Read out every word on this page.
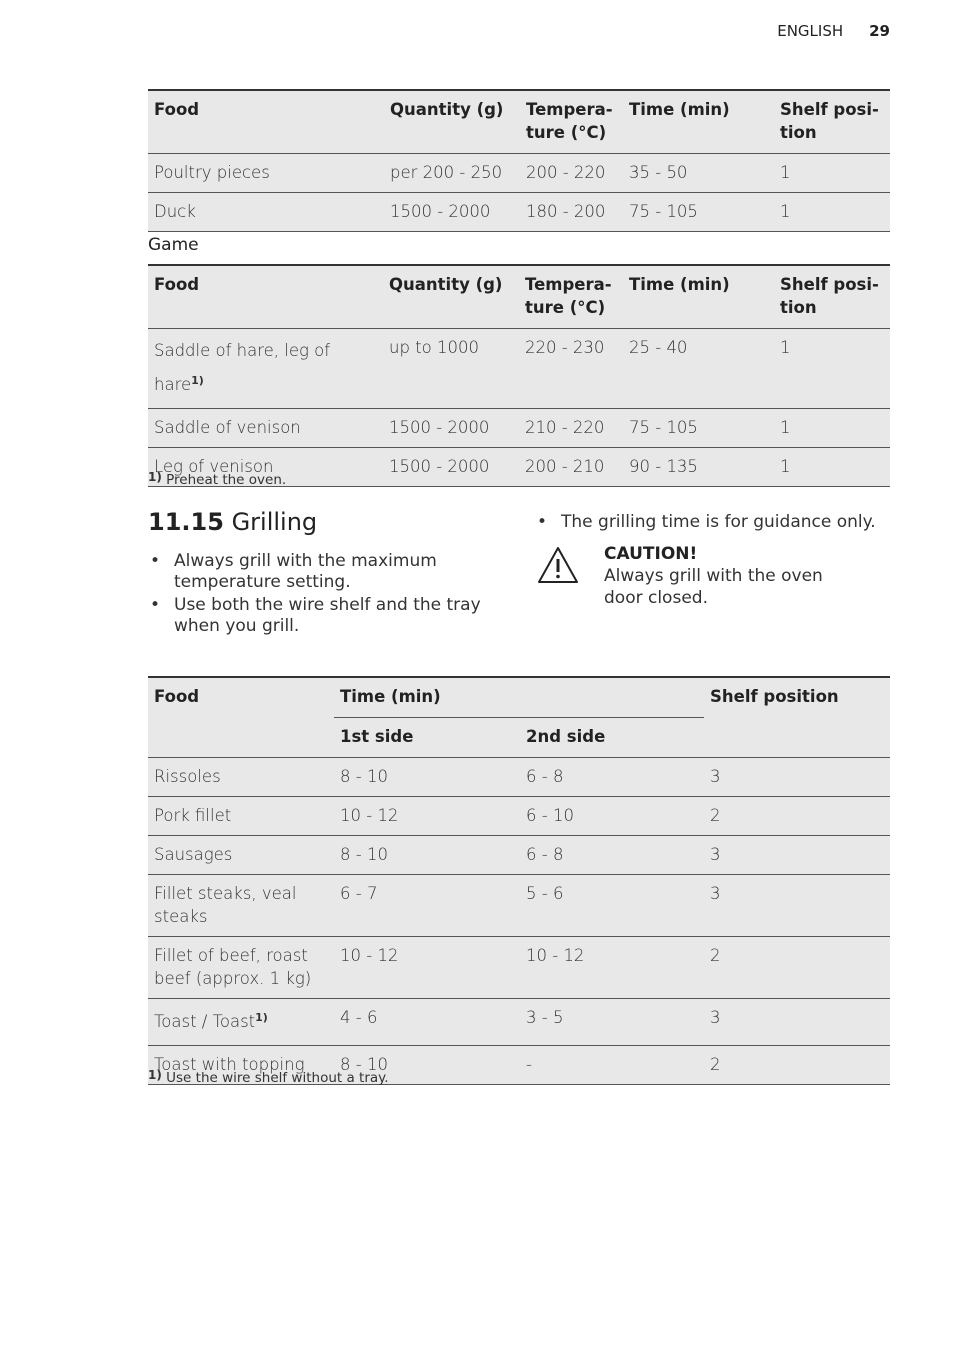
ENGLISH 29
Food	Quantity (g)	Tempera-ture (°C)	Time (min)	Shelf posi-tion
Poultry pieces	per 200 - 250	200 - 220	35 - 50	1
Duck	1500 - 2000	180 - 200	75 - 105	1
Game
Food	Quantity (g)	Tempera-ture (°C)	Time (min)	Shelf posi-tion
Saddle of hare, leg of hare$^{1)}$	up to 1000	220 - 230	25 - 40	1
Saddle of venison	1500 - 2000	210 - 220	75 - 105	1
Leg of venison	1500 - 2000	200 - 210	90 - 135	1
$^{1)}$ Preheat the oven.
11.15 Grilling
• Always grill with the maximum temperature setting.
• Use both the wire shelf and the tray when you grill.
• The grilling time is for guidance only.
CAUTION!
Always grill with the oven door closed.
Food	Time (min)		Shelf position
	1st side	2nd side	
Rissoles	8 - 10	6 - 8	3
Pork fillet	10 - 12	6 - 10	2
Sausages	8 - 10	6 - 8	3
Fillet steaks, veal steaks	6 - 7	5 - 6	3
Fillet of beef, roast beef (approx. 1 kg)	10 - 12	10 - 12	2
Toast / Toast$^{1)}$	4 - 6	3 - 5	3
Toast with topping	8 - 10	-	2
$^{1)}$ Use the wire shelf without a tray.
